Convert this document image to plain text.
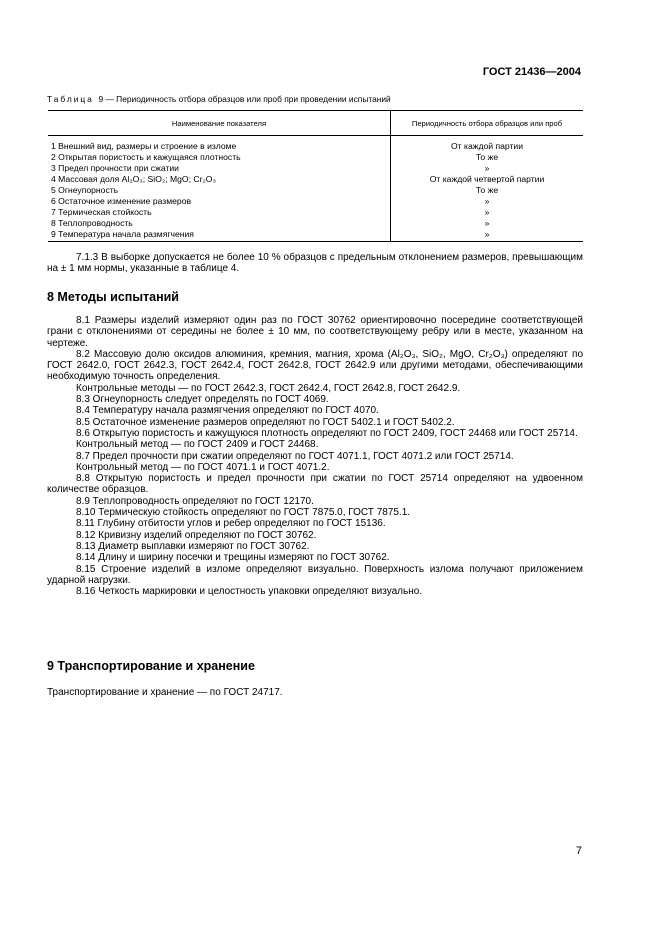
ГОСТ 21436—2004
Таблица 9 — Периодичность отбора образцов или проб при проведении испытаний
Наименование показателя	Периодичность отбора образцов или проб
1 Внешний вид, размеры и строение в изломе	От каждой партии
2 Открытая пористость и кажущаяся плотность	То же
3 Предел прочности при сжатии	»
4 Массовая доля Al₂O₃; SiO₂; MgO; Cr₂O₃	От каждой четвертой партии
5 Огнеупорность	То же
6 Остаточное изменение размеров	»
7 Термическая стойкость	»
8 Теплопроводность	»
9 Температура начала размягчения	»

7.1.3 В выборке допускается не более 10 % образцов с предельным отклонением размеров, превышающим на ± 1 мм нормы, указанные в таблице 4.

8 Методы испытаний

8.1 Размеры изделий измеряют один раз по ГОСТ 30762 ориентировочно посередине соответствующей грани с отклонениями от середины не более ± 10 мм, по соответствующему ребру или в месте, указанном на чертеже.

8.2 Массовую долю оксидов алюминия, кремния, магния, хрома (Al₂O₃, SiO₂, MgO, Cr₂O₃) определяют по ГОСТ 2642.0, ГОСТ 2642.3, ГОСТ 2642.4, ГОСТ 2642.8, ГОСТ 2642.9 или другими методами, обеспечивающими необходимую точность определения.

Контрольные методы — по ГОСТ 2642.3, ГОСТ 2642.4, ГОСТ 2642.8, ГОСТ 2642.9.

8.3 Огнеупорность следует определять по ГОСТ 4069.

8.4 Температуру начала размягчения определяют по ГОСТ 4070.

8.5 Остаточное изменение размеров определяют по ГОСТ 5402.1 и ГОСТ 5402.2.

8.6 Открытую пористость и кажущуюся плотность определяют по ГОСТ 2409, ГОСТ 24468 или ГОСТ 25714.

Контрольный метод — по ГОСТ 2409 и ГОСТ 24468.

8.7 Предел прочности при сжатии определяют по ГОСТ 4071.1, ГОСТ 4071.2 или ГОСТ 25714.

Контрольный метод — по ГОСТ 4071.1 и ГОСТ 4071.2.

8.8 Открытую пористость и предел прочности при сжатии по ГОСТ 25714 определяют на удвоенном количестве образцов.

8.9 Теплопроводность определяют по ГОСТ 12170.

8.10 Термическую стойкость определяют по ГОСТ 7875.0, ГОСТ 7875.1.

8.11 Глубину отбитости углов и ребер определяют по ГОСТ 15136.

8.12 Кривизну изделий определяют по ГОСТ 30762.

8.13 Диаметр выплавки измеряют по ГОСТ 30762.

8.14 Длину и ширину посечки и трещины измеряют по ГОСТ 30762.

8.15 Строение изделий в изломе определяют визуально. Поверхность излома получают приложением ударной нагрузки.

8.16 Четкость маркировки и целостность упаковки определяют визуально.

9 Транспортирование и хранение

Транспортирование и хранение — по ГОСТ 24717.

7
